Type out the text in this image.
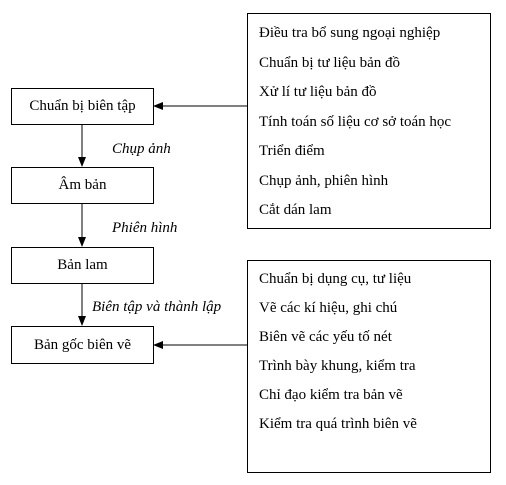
Chuẩn bị biên tập
Âm bản
Bản lam
Bản gốc biên vẽ
Chụp ảnh
Phiên hình
Biên tập và thành lập
Điều tra bổ sung ngoại nghiệp
Chuẩn bị tư liệu bản đồ
Xử lí tư liệu bản đồ
Tính toán số liệu cơ sở toán học
Triển điểm
Chụp ảnh, phiên hình
Cắt dán lam
Chuẩn bị dụng cụ, tư liệu
Vẽ các kí hiệu, ghi chú
Biên vẽ các yếu tố nét
Trình bày khung, kiểm tra
Chỉ đạo kiểm tra bản vẽ
Kiểm tra quá trình biên vẽ
